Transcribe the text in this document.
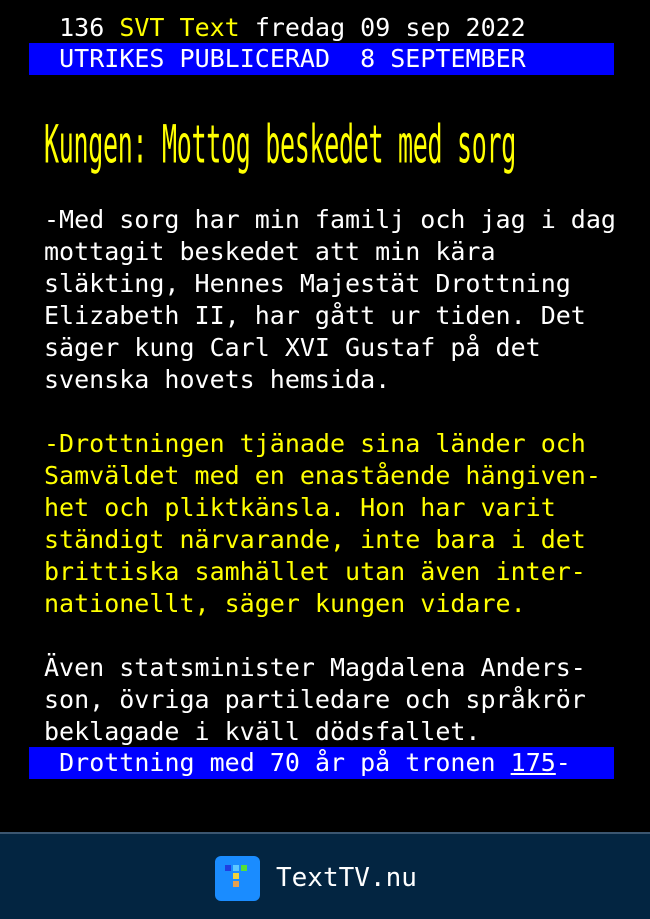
136 SVT Text fredag 09 sep 2022
UTRIKES PUBLICERAD  8 SEPTEMBER
Kungen: Mottog beskedet med sorg
-Med sorg har min familj och jag i dag
mottagit beskedet att min kära
släkting, Hennes Majestät Drottning
Elizabeth II, har gått ur tiden. Det
säger kung Carl XVI Gustaf på det
svenska hovets hemsida.
-Drottningen tjänade sina länder och
Samväldet med en enastående hängiven-
het och pliktkänsla. Hon har varit
ständigt närvarande, inte bara i det
brittiska samhället utan även inter-
nationellt, säger kungen vidare.
Även statsminister Magdalena Anders-
son, övriga partiledare och språkrör
beklagade i kväll dödsfallet.
Drottning med 70 år på tronen 175-
TextTV.nu
